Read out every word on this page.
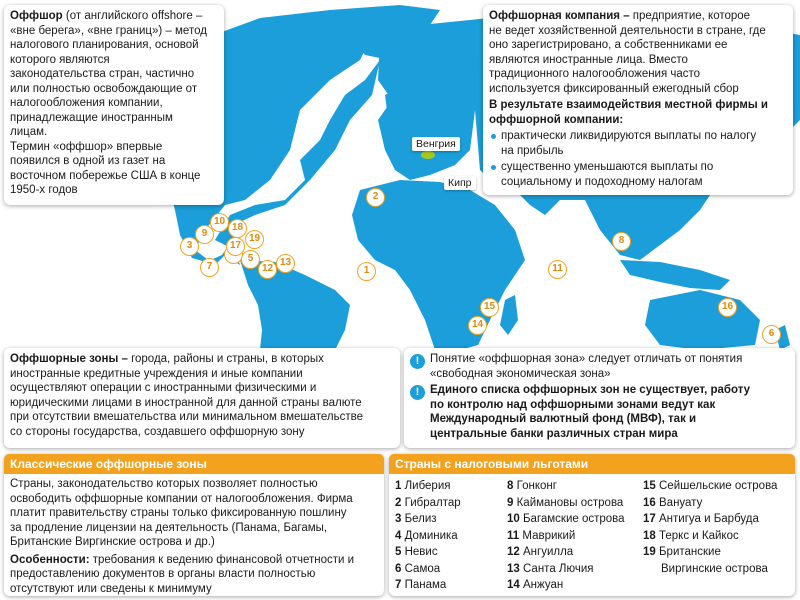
Венгрия
Кипр
1
2
3
5
6
7
8
9
10
11
12
13
14
15	16
17
18
19
Оффшор (от английского offshore –
«вне берега», «вне границ») – метод
налогового планирования, основой
которого являются
законодательства стран, частично
или полностью освобождающие от
налогообложения компании,
принадлежащие иностранным
лицам.
Термин «оффшор» впервые
появился в одной из газет на
восточном побережье США в конце
1950-х годов
Оффшорная компания – предприятие, которое
не ведет хозяйственной деятельности в стране, где
оно зарегистрировано, а собственниками ее
являются иностранные лица. Вместо
традиционного налогообложения часто
используется фиксированный ежегодный сбор
В результате взаимодействия местной фирмы и
оффшорной компании:
практически ликвидируются выплаты по налогу
на прибыль
существенно уменьшаются выплаты по
социальному и подоходному налогам
Оффшорные зоны – города, районы и страны, в которых
иностранные кредитные учреждения и иные компании
осуществляют операции с иностранными физическими и
юридическими лицами в иностранной для данной страны валюте
при отсутствии вмешательства или минимальном вмешательстве
со стороны государства, создавшего оффшорную зону
! Понятие «оффшорная зона» следует отличать от понятия
«свободная экономическая зона»
! Единого списка оффшорных зон не существует, работу
по контролю над оффшорными зонами ведут как
Международный валютный фонд (МВФ), так и
центральные банки различных стран мира
Классические оффшорные зоны
Страны, законодательство которых позволяет полностью
освободить оффшорные компании от налогообложения. Фирма
платит правительству страны только фиксированную пошлину
за продление лицензии на деятельность (Панама, Багамы,
Британские Виргинские острова и др.)
Особенности: требования к ведению финансовой отчетности и
предоставлению документов в органы власти полностью
отсутствуют или сведены к минимуму
Страны с налоговыми льготами
1 Либерия
2 Гибралтар
3 Белиз
4 Доминика
5 Невис
6 Самоа
7 Панама
8 Гонконг
9 Каймановы острова
10 Багамские острова
11 Маврикий
12 Ангуилла
13 Санта Лючия
14 Анжуан
15 Сейшельские острова
16 Вануату
17 Антигуа и Барбуда
18 Теркс и Кайкос
19 Британские
Виргинские острова
